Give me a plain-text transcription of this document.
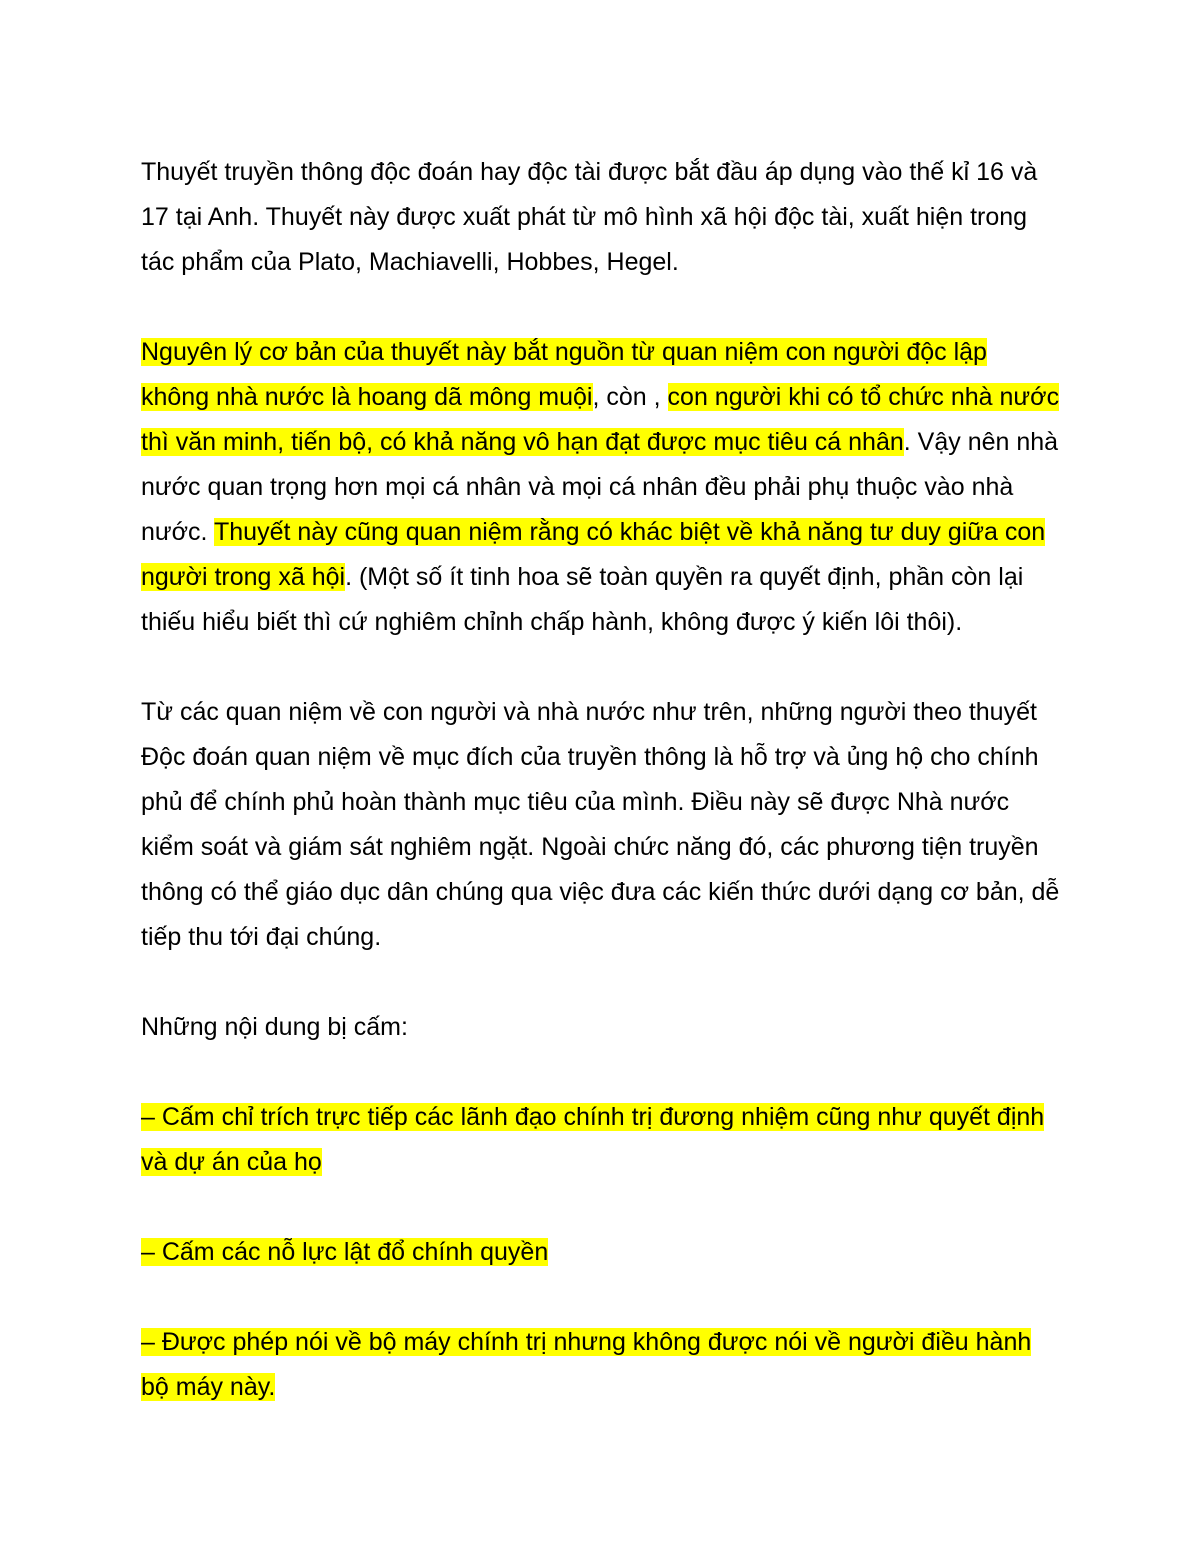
Thuyết truyền thông độc đoán hay độc tài được bắt đầu áp dụng vào thế kỉ 16 và 17 tại Anh. Thuyết này được xuất phát từ mô hình xã hội độc tài, xuất hiện trong tác phẩm của Plato, Machiavelli, Hobbes, Hegel.

Nguyên lý cơ bản của thuyết này bắt nguồn từ quan niệm con người độc lập không nhà nước là hoang dã mông muội, còn , con người khi có tổ chức nhà nước thì văn minh, tiến bộ, có khả năng vô hạn đạt được mục tiêu cá nhân. Vậy nên nhà nước quan trọng hơn mọi cá nhân và mọi cá nhân đều phải phụ thuộc vào nhà nước. Thuyết này cũng quan niệm rằng có khác biệt về khả năng tư duy giữa con người trong xã hội. (Một số ít tinh hoa sẽ toàn quyền ra quyết định, phần còn lại thiếu hiểu biết thì cứ nghiêm chỉnh chấp hành, không được ý kiến lôi thôi).

Từ các quan niệm về con người và nhà nước như trên, những người theo thuyết Độc đoán quan niệm về mục đích của truyền thông là hỗ trợ và ủng hộ cho chính phủ để chính phủ hoàn thành mục tiêu của mình. Điều này sẽ được Nhà nước kiểm soát và giám sát nghiêm ngặt. Ngoài chức năng đó, các phương tiện truyền thông có thể giáo dục dân chúng qua việc đưa các kiến thức dưới dạng cơ bản, dễ tiếp thu tới đại chúng.

Những nội dung bị cấm:

– Cấm chỉ trích trực tiếp các lãnh đạo chính trị đương nhiệm cũng như quyết định và dự án của họ

– Cấm các nỗ lực lật đổ chính quyền

– Được phép nói về bộ máy chính trị nhưng không được nói về người điều hành bộ máy này.
